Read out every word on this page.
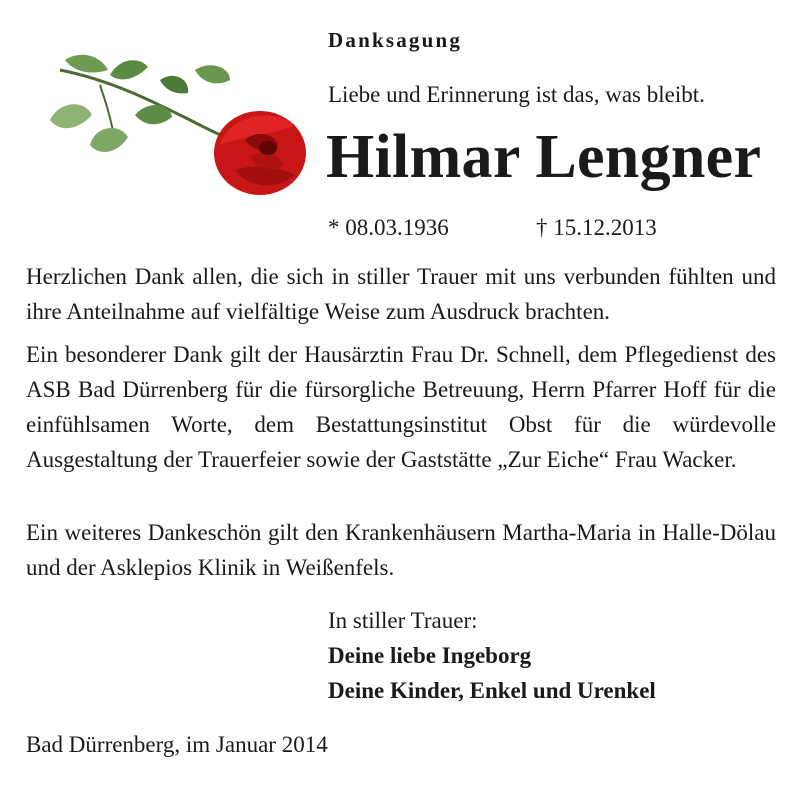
Danksagung
Liebe und Erinnerung ist das, was bleibt.
Hilmar Lengner
* 08.03.1936	† 15.12.2013

Herzlichen Dank allen, die sich in stiller Trauer mit uns verbunden fühlten und ihre Anteilnahme auf vielfältige Weise zum Ausdruck brachten.

Ein besonderer Dank gilt der Hausärztin Frau Dr. Schnell, dem Pflegedienst des ASB Bad Dürrenberg für die fürsorgliche Betreuung, Herrn Pfarrer Hoff für die einfühlsamen Worte, dem Bestattungsinstitut Obst für die würdevolle Ausgestaltung der Trauerfeier sowie der Gaststätte „Zur Eiche“ Frau Wacker.

Ein weiteres Dankeschön gilt den Krankenhäusern Martha-Maria in Halle-Dölau und der Asklepios Klinik in Weißenfels.

In stiller Trauer:
Deine liebe Ingeborg
Deine Kinder, Enkel und Urenkel
Bad Dürrenberg, im Januar 2014
